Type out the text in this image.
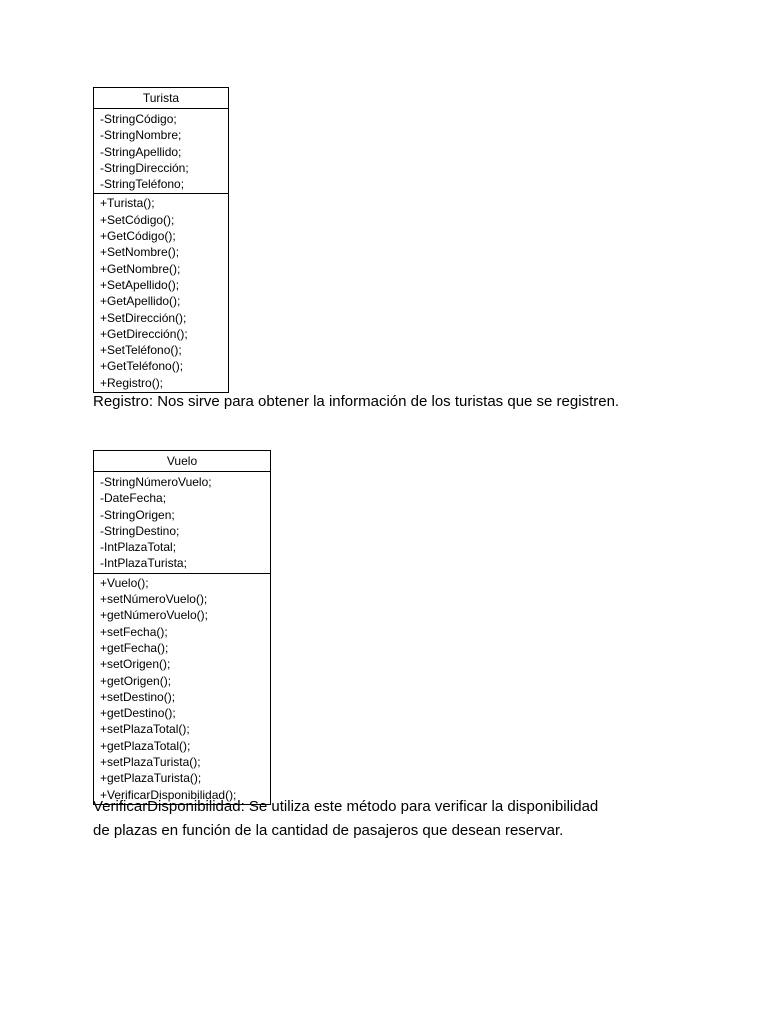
Turista
-StringCódigo;
-StringNombre;
-StringApellido;
-StringDirección;
-StringTeléfono;
+Turista();
+SetCódigo();
+GetCódigo();
+SetNombre();
+GetNombre();
+SetApellido();
+GetApellido();
+SetDirección();
+GetDirección();
+SetTeléfono();
+GetTeléfono();
+Registro();
Registro: Nos sirve para obtener la información de los turistas que se registren.
Vuelo
-StringNúmeroVuelo;
-DateFecha;
-StringOrigen;
-StringDestino;
-IntPlazaTotal;
-IntPlazaTurista;
+Vuelo();
+setNúmeroVuelo();
+getNúmeroVuelo();
+setFecha();
+getFecha();
+setOrigen();
+getOrigen();
+setDestino();
+getDestino();
+setPlazaTotal();
+getPlazaTotal();
+setPlazaTurista();
+getPlazaTurista();
+VerificarDisponibilidad();
VerificarDisponibilidad: Se utiliza este método para verificar la disponibilidad
de plazas en función de la cantidad de pasajeros que desean reservar.
